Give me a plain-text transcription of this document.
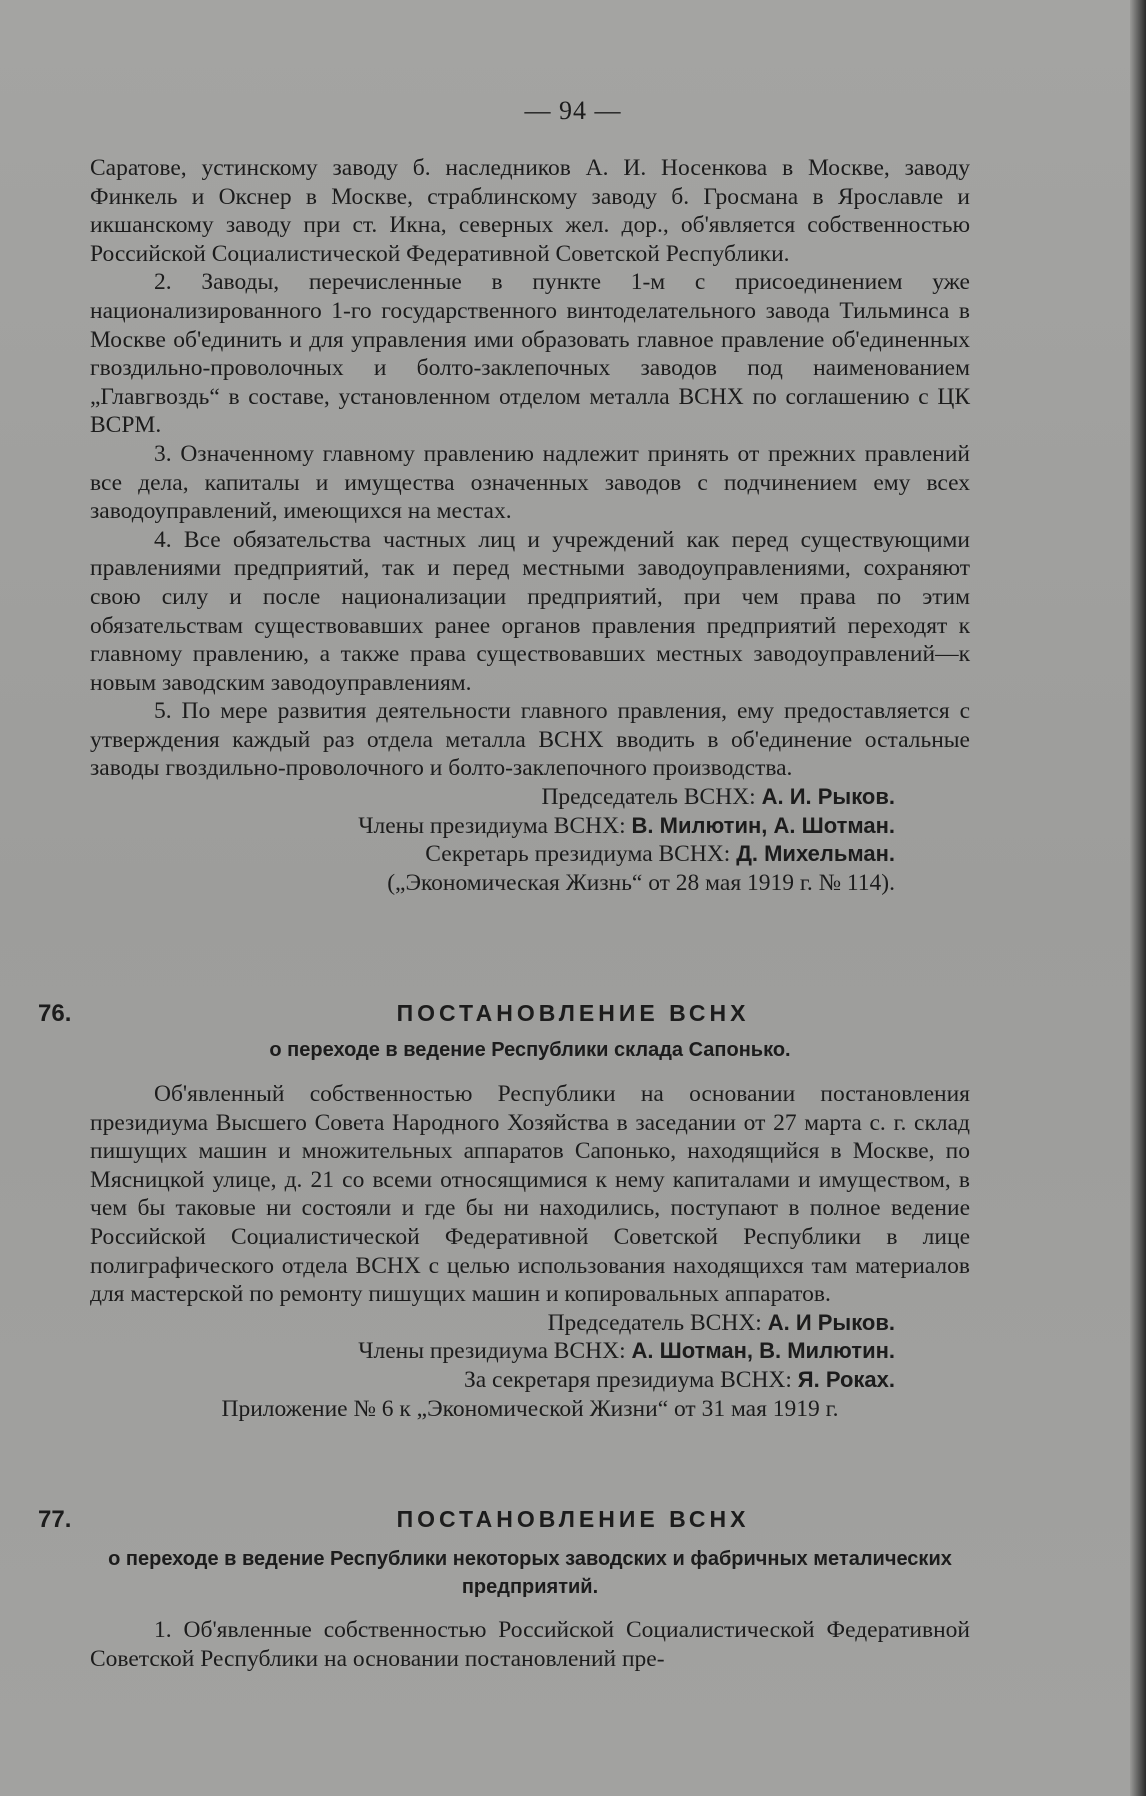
— 94 —

Саратове, устинскому заводу б. наследников А. И. Носенкова в Москве, заводу Финкель и Окснер в Москве, страблинскому заводу б. Гросмана в Ярославле и икшанскому заводу при ст. Икна, северных жел. дор., об'является собственностью Российской Социалистической Федеративной Советской Республики.

2. Заводы, перечисленные в пункте 1-м с присоединением уже национализированного 1-го государственного винтоделательного завода Тильминса в Москве об'единить и для управления ими образовать главное правление об'единенных гвоздильно-проволочных и болто-заклепочных заводов под наименованием „Главгвоздь“ в составе, установленном отделом металла ВСНХ по соглашению с ЦК ВСРМ.

3. Означенному главному правлению надлежит принять от прежних правлений все дела, капиталы и имущества означенных заводов с подчинением ему всех заводоуправлений, имеющихся на местах.

4. Все обязательства частных лиц и учреждений как перед существующими правлениями предприятий, так и перед местными заводоуправлениями, сохраняют свою силу и после национализации предприятий, при чем права по этим обязательствам существовавших ранее органов правления предприятий переходят к главному правлению, а также права существовавших местных заводоуправлений—к новым заводским заводоуправлениям.

5. По мере развития деятельности главного правления, ему предоставляется с утверждения каждый раз отдела металла ВСНХ вводить в об'единение остальные заводы гвоздильно-проволочного и болто-заклепочного производства.

Председатель ВСНХ: А. И. Рыков.
Члены президиума ВСНХ: В. Милютин, А. Шотман.
Секретарь президиума ВСНХ: Д. Михельман.
(„Экономическая Жизнь“ от 28 мая 1919 г. № 114).
76.	ПОСТАНОВЛЕНИЕ ВСНХ
о переходе в ведение Республики склада Сапонько.

Об'явленный собственностью Республики на основании постановления президиума Высшего Совета Народного Хозяйства в заседании от 27 марта с. г. склад пишущих машин и множительных аппаратов Сапонько, находящийся в Москве, по Мясницкой улице, д. 21 со всеми относящимися к нему капиталами и имуществом, в чем бы таковые ни состояли и где бы ни находились, поступают в полное ведение Российской Социалистической Федеративной Советской Республики в лице полиграфического отдела ВСНХ с целью использования находящихся там материалов для мастерской по ремонту пишущих машин и копировальных аппаратов.

Председатель ВСНХ: А. И Рыков.
Члены президиума ВСНХ: А. Шотман, В. Милютин.
За секретаря президиума ВСНХ: Я. Роках.
Приложение № 6 к „Экономической Жизни“ от 31 мая 1919 г.
77.	ПОСТАНОВЛЕНИЕ ВСНХ
о переходе в ведение Республики некоторых заводских и фабричных металических предприятий.

1. Об'явленные собственностью Российской Социалистической Федеративной Советской Республики на основании постановлений пре-
